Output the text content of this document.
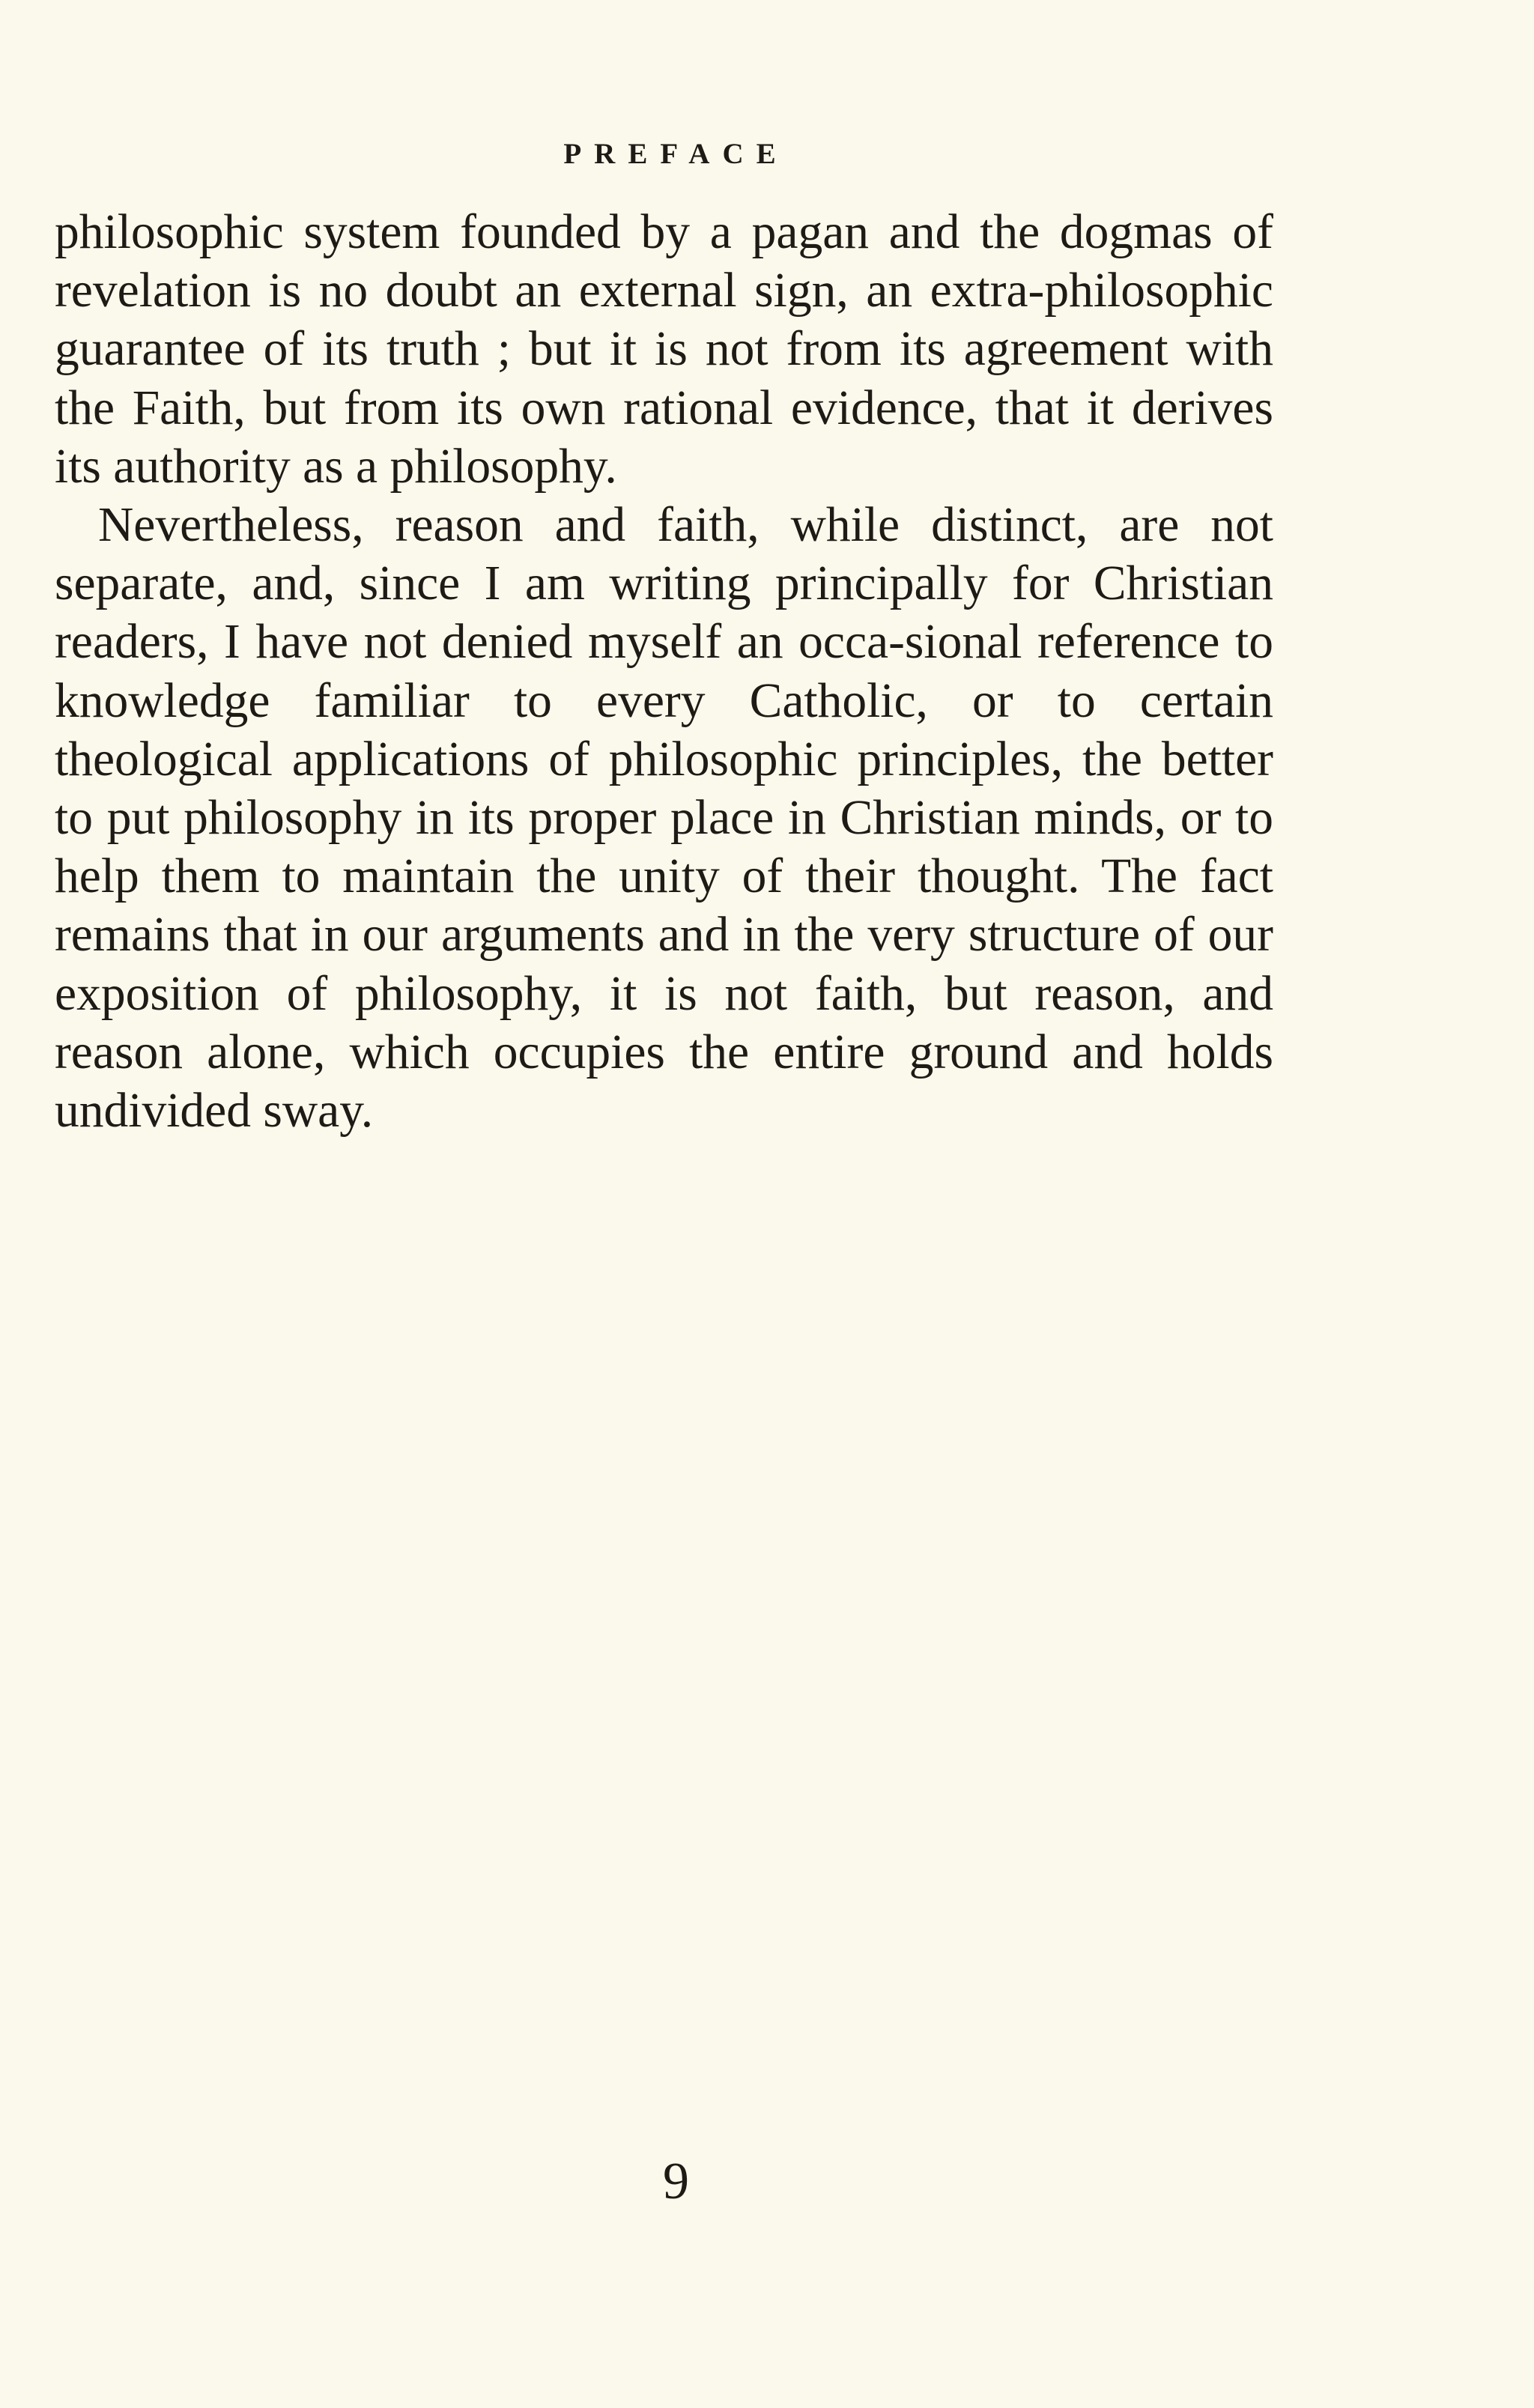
PREFACE

philosophic system founded by a pagan and the dogmas of revelation is no doubt an external sign, an extra-philosophic guarantee of its truth ; but it is not from its agreement with the Faith, but from its own rational evidence, that it derives its authority as a philosophy.

Nevertheless, reason and faith, while distinct, are not separate, and, since I am writing principally for Christian readers, I have not denied myself an occa-sional reference to knowledge familiar to every Catholic, or to certain theological applications of philosophic principles, the better to put philosophy in its proper place in Christian minds, or to help them to maintain the unity of their thought. The fact remains that in our arguments and in the very structure of our exposition of philosophy, it is not faith, but reason, and reason alone, which occupies the entire ground and holds undivided sway.

9
